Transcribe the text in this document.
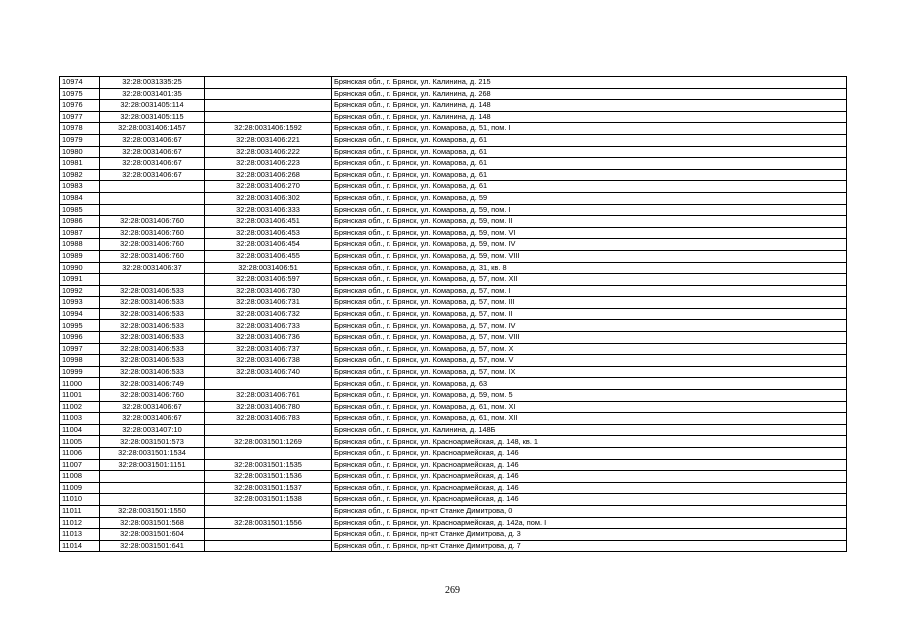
10974	32:28:0031335:25		Брянская обл., г. Брянск, ул. Калинина, д. 215
10975	32:28:0031401:35		Брянская обл., г. Брянск, ул. Калинина, д. 268
10976	32:28:0031405:114		Брянская обл., г. Брянск, ул. Калинина, д. 148
10977	32:28:0031405:115		Брянская обл., г. Брянск, ул. Калинина, д. 148
10978	32:28:0031406:1457	32:28:0031406:1592	Брянская обл., г. Брянск, ул. Комарова, д. 51, пом. I
10979	32:28:0031406:67	32:28:0031406:221	Брянская обл., г. Брянск, ул. Комарова, д. 61
10980	32:28:0031406:67	32:28:0031406:222	Брянская обл., г. Брянск, ул. Комарова, д. 61
10981	32:28:0031406:67	32:28:0031406:223	Брянская обл., г. Брянск, ул. Комарова, д. 61
10982	32:28:0031406:67	32:28:0031406:268	Брянская обл., г. Брянск, ул. Комарова, д. 61
10983		32:28:0031406:270	Брянская обл., г. Брянск, ул. Комарова, д. 61
10984		32:28:0031406:302	Брянская обл., г. Брянск, ул. Комарова, д. 59
10985		32:28:0031406:333	Брянская обл., г. Брянск, ул. Комарова, д. 59, пом. I
10986	32:28:0031406:760	32:28:0031406:451	Брянская обл., г. Брянск, ул. Комарова, д. 59, пом. II
10987	32:28:0031406:760	32:28:0031406:453	Брянская обл., г. Брянск, ул. Комарова, д. 59, пом. VI
10988	32:28:0031406:760	32:28:0031406:454	Брянская обл., г. Брянск, ул. Комарова, д. 59, пом. IV
10989	32:28:0031406:760	32:28:0031406:455	Брянская обл., г. Брянск, ул. Комарова, д. 59, пом. VIII
10990	32:28:0031406:37	32:28:0031406:51	Брянская обл., г. Брянск, ул. Комарова, д. 31, кв. 8
10991		32:28:0031406:597	Брянская обл., г. Брянск, ул. Комарова, д. 57, пом. XII
10992	32:28:0031406:533	32:28:0031406:730	Брянская обл., г. Брянск, ул. Комарова, д. 57, пом. I
10993	32:28:0031406:533	32:28:0031406:731	Брянская обл., г. Брянск, ул. Комарова, д. 57, пом. III
10994	32:28:0031406:533	32:28:0031406:732	Брянская обл., г. Брянск, ул. Комарова, д. 57, пом. II
10995	32:28:0031406:533	32:28:0031406:733	Брянская обл., г. Брянск, ул. Комарова, д. 57, пом. IV
10996	32:28:0031406:533	32:28:0031406:736	Брянская обл., г. Брянск, ул. Комарова, д. 57, пом. VIII
10997	32:28:0031406:533	32:28:0031406:737	Брянская обл., г. Брянск, ул. Комарова, д. 57, пом. X
10998	32:28:0031406:533	32:28:0031406:738	Брянская обл., г. Брянск, ул. Комарова, д. 57, пом. V
10999	32:28:0031406:533	32:28:0031406:740	Брянская обл., г. Брянск, ул. Комарова, д. 57, пом. IX
11000	32:28:0031406:749		Брянская обл., г. Брянск, ул. Комарова, д. 63
11001	32:28:0031406:760	32:28:0031406:761	Брянская обл., г. Брянск, ул. Комарова, д. 59, пом. 5
11002	32:28:0031406:67	32:28:0031406:780	Брянская обл., г. Брянск, ул. Комарова, д. 61, пом. XI
11003	32:28:0031406:67	32:28:0031406:783	Брянская обл., г. Брянск, ул. Комарова, д. 61, пом. XII
11004	32:28:0031407:10		Брянская обл., г. Брянск, ул. Калинина, д. 148Б
11005	32:28:0031501:573	32:28:0031501:1269	Брянская обл., г. Брянск, ул. Красноармейская, д. 148, кв. 1
11006	32:28:0031501:1534		Брянская обл., г. Брянск, ул. Красноармейская, д. 146
11007	32:28:0031501:1151	32:28:0031501:1535	Брянская обл., г. Брянск, ул. Красноармейская, д. 146
11008		32:28:0031501:1536	Брянская обл., г. Брянск, ул. Красноармейская, д. 146
11009		32:28:0031501:1537	Брянская обл., г. Брянск, ул. Красноармейская, д. 146
11010		32:28:0031501:1538	Брянская обл., г. Брянск, ул. Красноармейская, д. 146
11011	32:28:0031501:1550		Брянская обл., г. Брянск, пр-кт Станке Димитрова, 0
11012	32:28:0031501:568	32:28:0031501:1556	Брянская обл., г. Брянск, ул. Красноармейская, д. 142а, пом. I
11013	32:28:0031501:604		Брянская обл., г. Брянск, пр-кт Станке Димитрова, д. 3
11014	32:28:0031501:641		Брянская обл., г. Брянск, пр-кт Станке Димитрова, д. 7
269
